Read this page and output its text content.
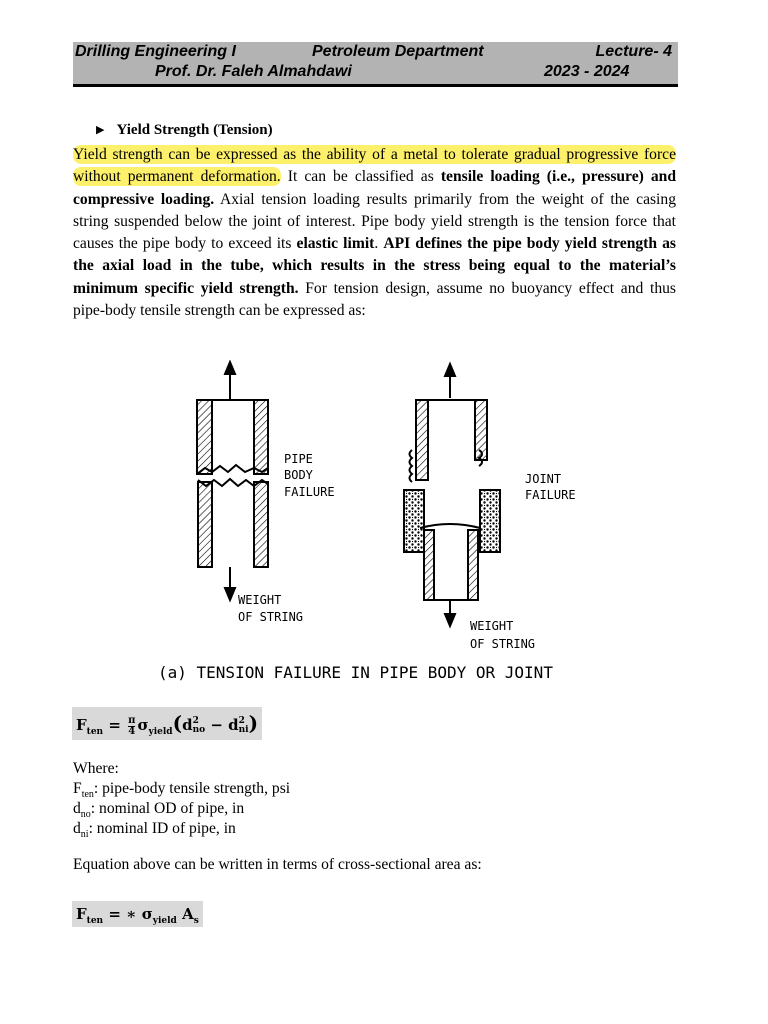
Drilling Engineering I	Petroleum Department	Lecture- 4
Prof. Dr. Faleh Almahdawi	2023 - 2024
▶ Yield Strength (Tension)
Yield strength can be expressed as the ability of a metal to tolerate gradual progressive force without permanent deformation. It can be classified as tensile loading (i.e., pressure) and compressive loading. Axial tension loading results primarily from the weight of the casing string suspended below the joint of interest. Pipe body yield strength is the tension force that causes the pipe body to exceed its elastic limit. API defines the pipe body yield strength as the axial load in the tube, which results in the stress being equal to the material’s minimum specific yield strength. For tension design, assume no buoyancy effect and thus pipe-body tensile strength can be expressed as:
PIPE
BODY
FAILURE
JOINT
FAILURE
WEIGHT
OF STRING
WEIGHT
OF STRING
(a) TENSION FAILURE IN PIPE BODY OR JOINT
$F_{ten} = \frac{\pi}{4} \sigma_{yield}(d$ 2
no − d 2
ni )
Where:
$F_{ten}$: pipe-body tensile strength, psi
$d_{no}$: nominal OD of pipe, in
$d_{ni}$: nominal ID of pipe, in
Equation above can be written in terms of cross-sectional area as:
$F_{ten}$ = ∗ $\sigma_{yield}$ $A_s$
